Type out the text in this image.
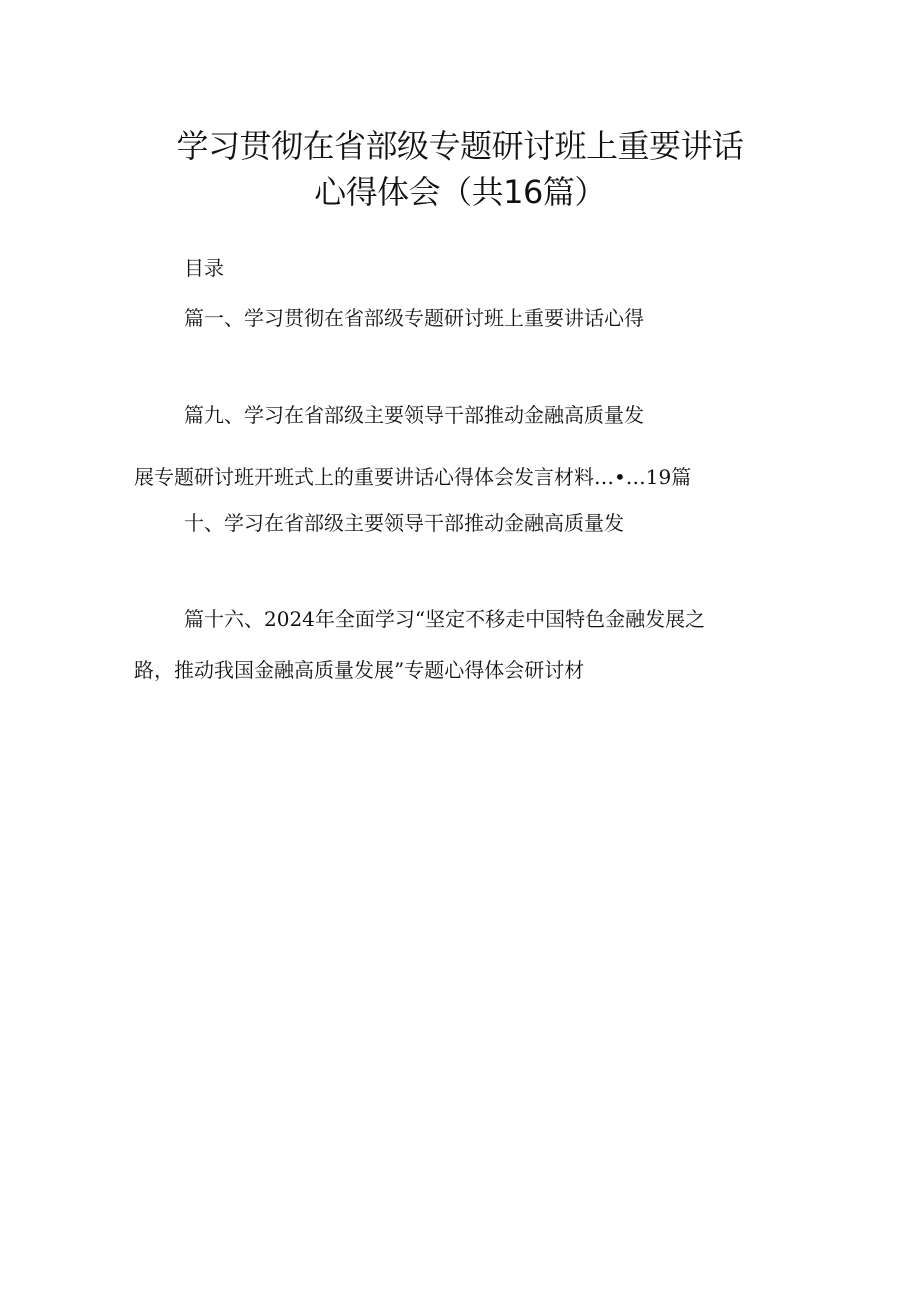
学习贯彻在省部级专题研讨班上重要讲话
心得体会（共16篇）
目录
篇一、学习贯彻在省部级专题研讨班上重要讲话心得
篇九、学习在省部级主要领导干部推动金融高质量发
展专题研讨班开班式上的重要讲话心得体会发言材料…•…19篇
十、学习在省部级主要领导干部推动金融高质量发
篇十六、2024年全面学习“坚定不移走中国特色金融发展之
路，推动我国金融高质量发展”专题心得体会研讨材
